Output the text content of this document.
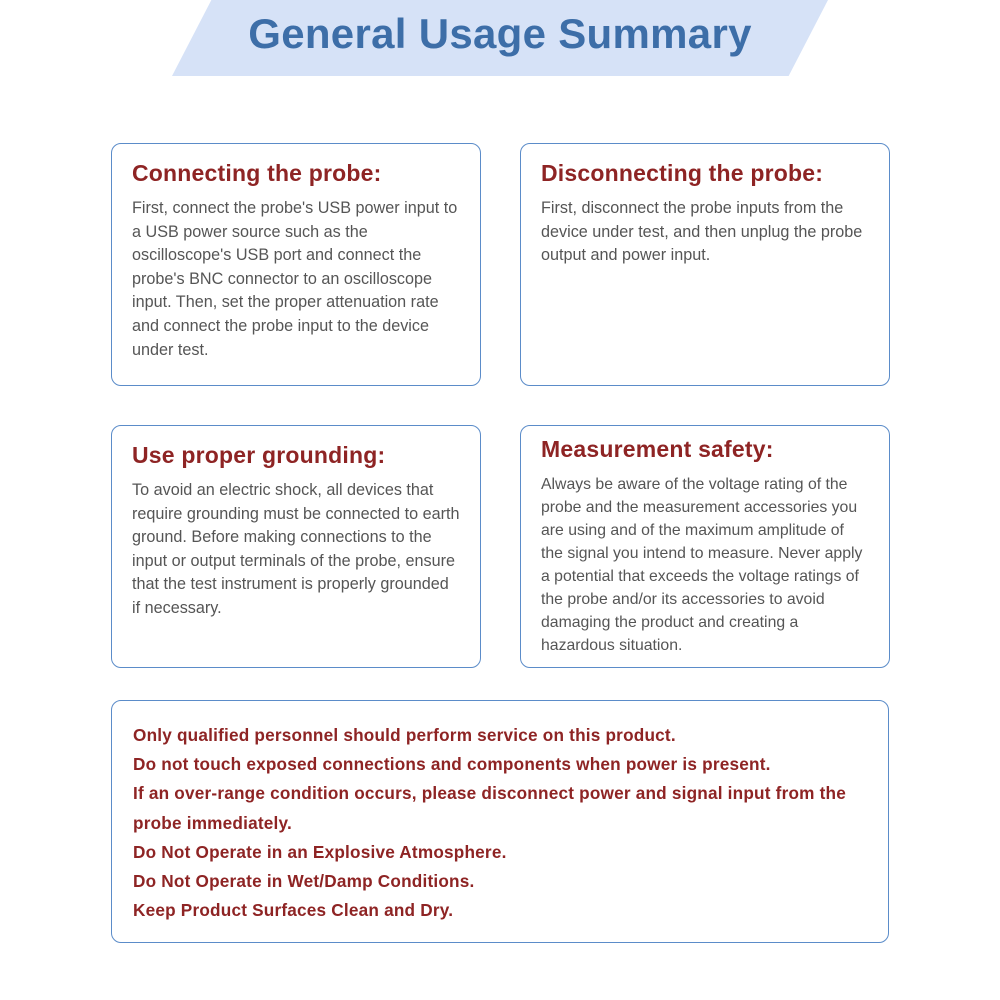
General Usage Summary
Connecting the probe:

First, connect the probe's USB power input to a USB power source such as the oscilloscope's USB port and connect the probe's BNC connector to an oscilloscope input. Then, set the proper attenuation rate and connect the probe input to the device under test.

Disconnecting the probe:

First, disconnect the probe inputs from the device under test, and then unplug the probe output and power input.

Use proper grounding:

To avoid an electric shock, all devices that require grounding must be connected to earth ground. Before making connections to the input or output terminals of the probe, ensure that the test instrument is properly grounded if necessary.

Measurement safety:

Always be aware of the voltage rating of the probe and the measurement accessories you are using and of the maximum amplitude of the signal you intend to measure. Never apply a potential that exceeds the voltage ratings of the probe and/or its accessories to avoid damaging the product and creating a hazardous situation.

Only qualified personnel should perform service on this product.
Do not touch exposed connections and components when power is present.
If an over-range condition occurs, please disconnect power and signal input from the probe immediately.
Do Not Operate in an Explosive Atmosphere.
Do Not Operate in Wet/Damp Conditions.
Keep Product Surfaces Clean and Dry.
